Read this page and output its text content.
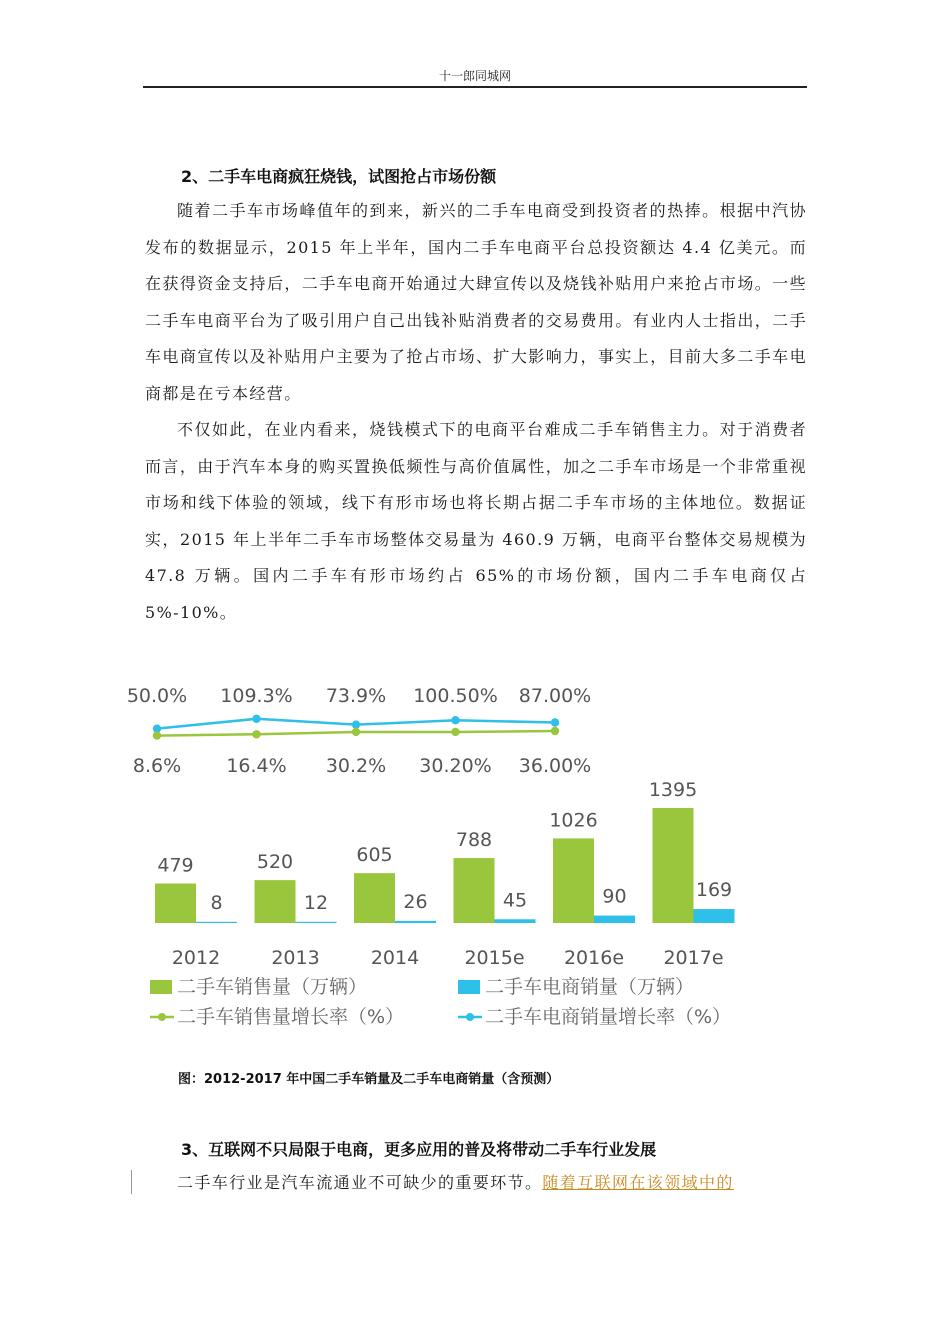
十一郎同城网
2、二手车电商疯狂烧钱，试图抢占市场份额

随着二手车市场峰值年的到来，新兴的二手车电商受到投资者的热捧。根据中汽协发布的数据显示，2015 年上半年，国内二手车电商平台总投资额达 4.4 亿美元。而在获得资金支持后，二手车电商开始通过大肆宣传以及烧钱补贴用户来抢占市场。一些二手车电商平台为了吸引用户自己出钱补贴消费者的交易费用。有业内人士指出，二手车电商宣传以及补贴用户主要为了抢占市场、扩大影响力，事实上，目前大多二手车电商都是在亏本经营。

不仅如此，在业内看来，烧钱模式下的电商平台难成二手车销售主力。对于消费者而言，由于汽车本身的购买置换低频性与高价值属性，加之二手车市场是一个非常重视市场和线下体验的领域，线下有形市场也将长期占据二手车市场的主体地位。数据证实，2015 年上半年二手车市场整体交易量为 460.9 万辆，电商平台整体交易规模为 47.8 万辆。国内二手车有形市场约占 65%的市场份额，国内二手车电商仅占 5%-10%。

479
8
2012
520
12
2013
605
26
2014
788
45
2015e
1026
90
2016e
1395
169
2017e
50.0% 109.3% 73.9% 100.50% 87.00%
8.6% 16.4% 30.2% 30.20% 36.00%
二手车销售量（万辆）	二手车电商销量（万辆）
二手车销售量增长率（%）	二手车电商销量增长率（%）
图：2012-2017 年中国二手车销量及二手车电商销量（含预测）
3、互联网不只局限于电商，更多应用的普及将带动二手车行业发展
二手车行业是汽车流通业不可缺少的重要环节。随着互联网在该领域中的
